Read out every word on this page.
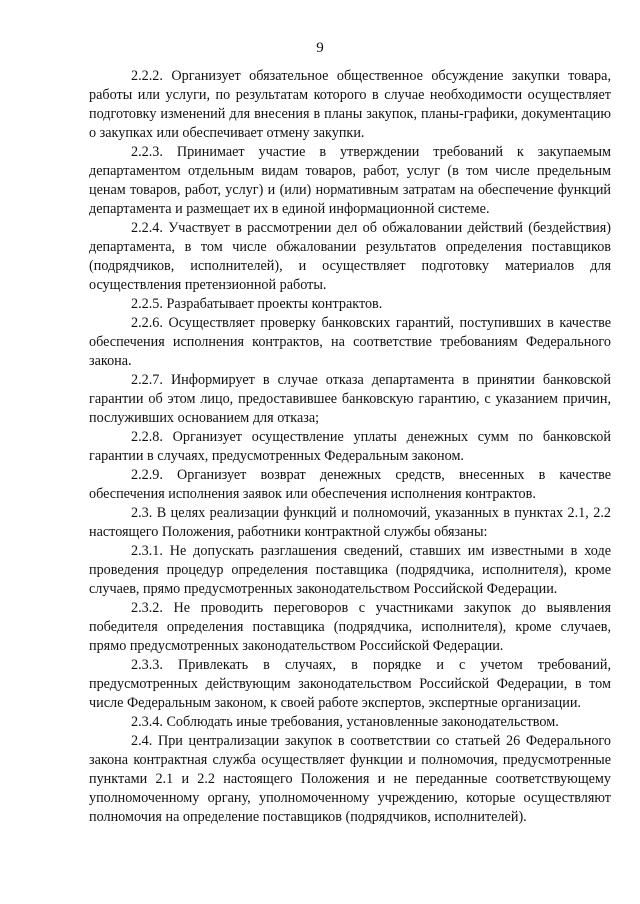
9

2.2.2. Организует обязательное общественное обсуждение закупки товара, работы или услуги, по результатам которого в случае необходимости осуществляет подготовку изменений для внесения в планы закупок, планы-графики, документацию о закупках или обеспечивает отмену закупки.

2.2.3. Принимает участие в утверждении требований к закупаемым департаментом отдельным видам товаров, работ, услуг (в том числе предельным ценам товаров, работ, услуг) и (или) нормативным затратам на обеспечение функций департамента и размещает их в единой информационной системе.

2.2.4. Участвует в рассмотрении дел об обжаловании действий (бездействия) департамента, в том числе обжаловании результатов определения поставщиков (подрядчиков, исполнителей), и осуществляет подготовку материалов для осуществления претензионной работы.

2.2.5. Разрабатывает проекты контрактов.

2.2.6. Осуществляет проверку банковских гарантий, поступивших в качестве обеспечения исполнения контрактов, на соответствие требованиям Федерального закона.

2.2.7. Информирует в случае отказа департамента в принятии банковской гарантии об этом лицо, предоставившее банковскую гарантию, с указанием причин, послуживших основанием для отказа;

2.2.8. Организует осуществление уплаты денежных сумм по банковской гарантии в случаях, предусмотренных Федеральным законом.

2.2.9. Организует возврат денежных средств, внесенных в качестве обеспечения исполнения заявок или обеспечения исполнения контрактов.

2.3. В целях реализации функций и полномочий, указанных в пунктах 2.1, 2.2 настоящего Положения, работники контрактной службы обязаны:

2.3.1. Не допускать разглашения сведений, ставших им известными в ходе проведения процедур определения поставщика (подрядчика, исполнителя), кроме случаев, прямо предусмотренных законодательством Российской Федерации.

2.3.2. Не проводить переговоров с участниками закупок до выявления победителя определения поставщика (подрядчика, исполнителя), кроме случаев, прямо предусмотренных законодательством Российской Федерации.

2.3.3. Привлекать в случаях, в порядке и с учетом требований, предусмотренных действующим законодательством Российской Федерации, в том числе Федеральным законом, к своей работе экспертов, экспертные организации.

2.3.4. Соблюдать иные требования, установленные законодательством.

2.4. При централизации закупок в соответствии со статьей 26 Федерального закона контрактная служба осуществляет функции и полномочия, предусмотренные пунктами 2.1 и 2.2 настоящего Положения и не переданные соответствующему уполномоченному органу, уполномоченному учреждению, которые осуществляют полномочия на определение поставщиков (подрядчиков, исполнителей).
